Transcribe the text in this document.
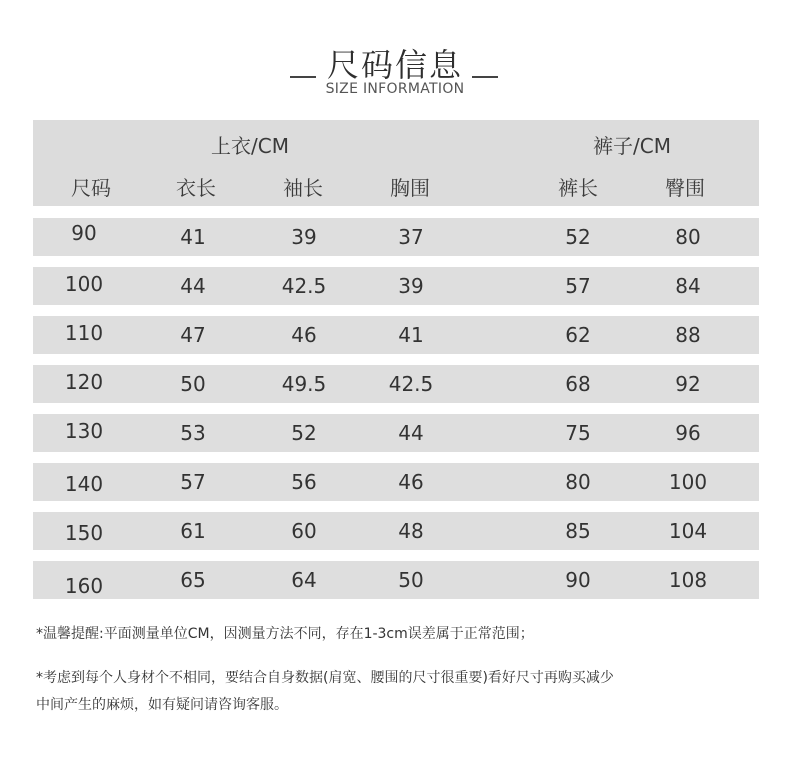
尺码信息
SIZE INFORMATION
上衣/CM	裤子/CM
尺码	衣长	袖长	胸围	裤长	臀围
90	41	39	37	52	80
100	44	42.5	39	57	84
110	47	46	41	62	88
120	50	49.5	42.5	68	92
130	53	52	44	75	96
140	57	56	46	80	100
150	61	60	48	85	104
160	65	64	50	90	108
*温馨提醒:平面测量单位CM，因测量方法不同，存在1-3cm误差属于正常范围；
*考虑到每个人身材个不相同，要结合自身数据(肩宽、腰围的尺寸很重要)看好尺寸再购买减少
中间产生的麻烦，如有疑问请咨询客服。
